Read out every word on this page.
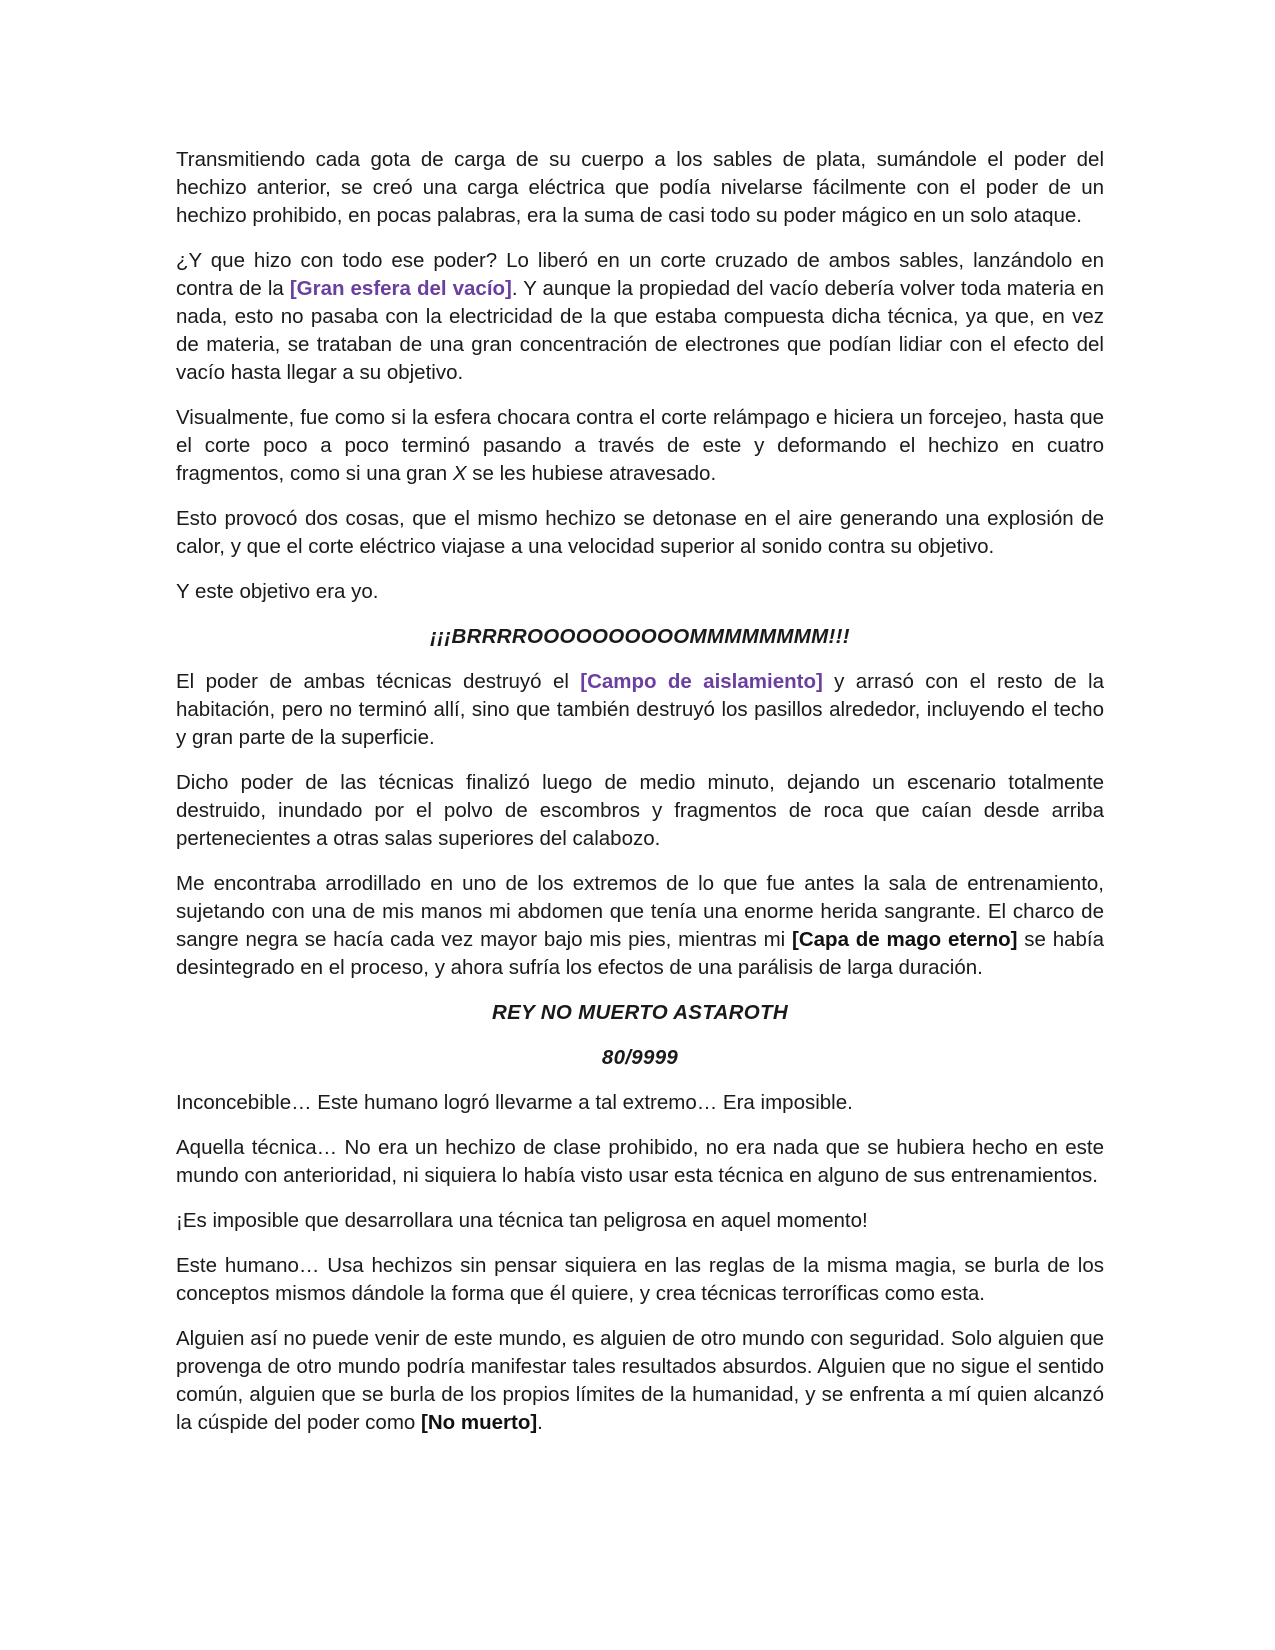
Transmitiendo cada gota de carga de su cuerpo a los sables de plata, sumándole el poder del hechizo anterior, se creó una carga eléctrica que podía nivelarse fácilmente con el poder de un hechizo prohibido, en pocas palabras, era la suma de casi todo su poder mágico en un solo ataque.

¿Y que hizo con todo ese poder? Lo liberó en un corte cruzado de ambos sables, lanzándolo en contra de la [Gran esfera del vacío]. Y aunque la propiedad del vacío debería volver toda materia en nada, esto no pasaba con la electricidad de la que estaba compuesta dicha técnica, ya que, en vez de materia, se trataban de una gran concentración de electrones que podían lidiar con el efecto del vacío hasta llegar a su objetivo.

Visualmente, fue como si la esfera chocara contra el corte relámpago e hiciera un forcejeo, hasta que el corte poco a poco terminó pasando a través de este y deformando el hechizo en cuatro fragmentos, como si una gran X se les hubiese atravesado.

Esto provocó dos cosas, que el mismo hechizo se detonase en el aire generando una explosión de calor, y que el corte eléctrico viajase a una velocidad superior al sonido contra su objetivo.

Y este objetivo era yo.

¡¡¡BRRRROOOOOOOOOOMMMMMMMM!!!

El poder de ambas técnicas destruyó el [Campo de aislamiento] y arrasó con el resto de la habitación, pero no terminó allí, sino que también destruyó los pasillos alrededor, incluyendo el techo y gran parte de la superficie.

Dicho poder de las técnicas finalizó luego de medio minuto, dejando un escenario totalmente destruido, inundado por el polvo de escombros y fragmentos de roca que caían desde arriba pertenecientes a otras salas superiores del calabozo.

Me encontraba arrodillado en uno de los extremos de lo que fue antes la sala de entrenamiento, sujetando con una de mis manos mi abdomen que tenía una enorme herida sangrante. El charco de sangre negra se hacía cada vez mayor bajo mis pies, mientras mi [Capa de mago eterno] se había desintegrado en el proceso, y ahora sufría los efectos de una parálisis de larga duración.

REY NO MUERTO ASTAROTH

80/9999

Inconcebible… Este humano logró llevarme a tal extremo… Era imposible.

Aquella técnica… No era un hechizo de clase prohibido, no era nada que se hubiera hecho en este mundo con anterioridad, ni siquiera lo había visto usar esta técnica en alguno de sus entrenamientos.

¡Es imposible que desarrollara una técnica tan peligrosa en aquel momento!

Este humano… Usa hechizos sin pensar siquiera en las reglas de la misma magia, se burla de los conceptos mismos dándole la forma que él quiere, y crea técnicas terroríficas como esta.

Alguien así no puede venir de este mundo, es alguien de otro mundo con seguridad. Solo alguien que provenga de otro mundo podría manifestar tales resultados absurdos. Alguien que no sigue el sentido común, alguien que se burla de los propios límites de la humanidad, y se enfrenta a mí quien alcanzó la cúspide del poder como [No muerto].
